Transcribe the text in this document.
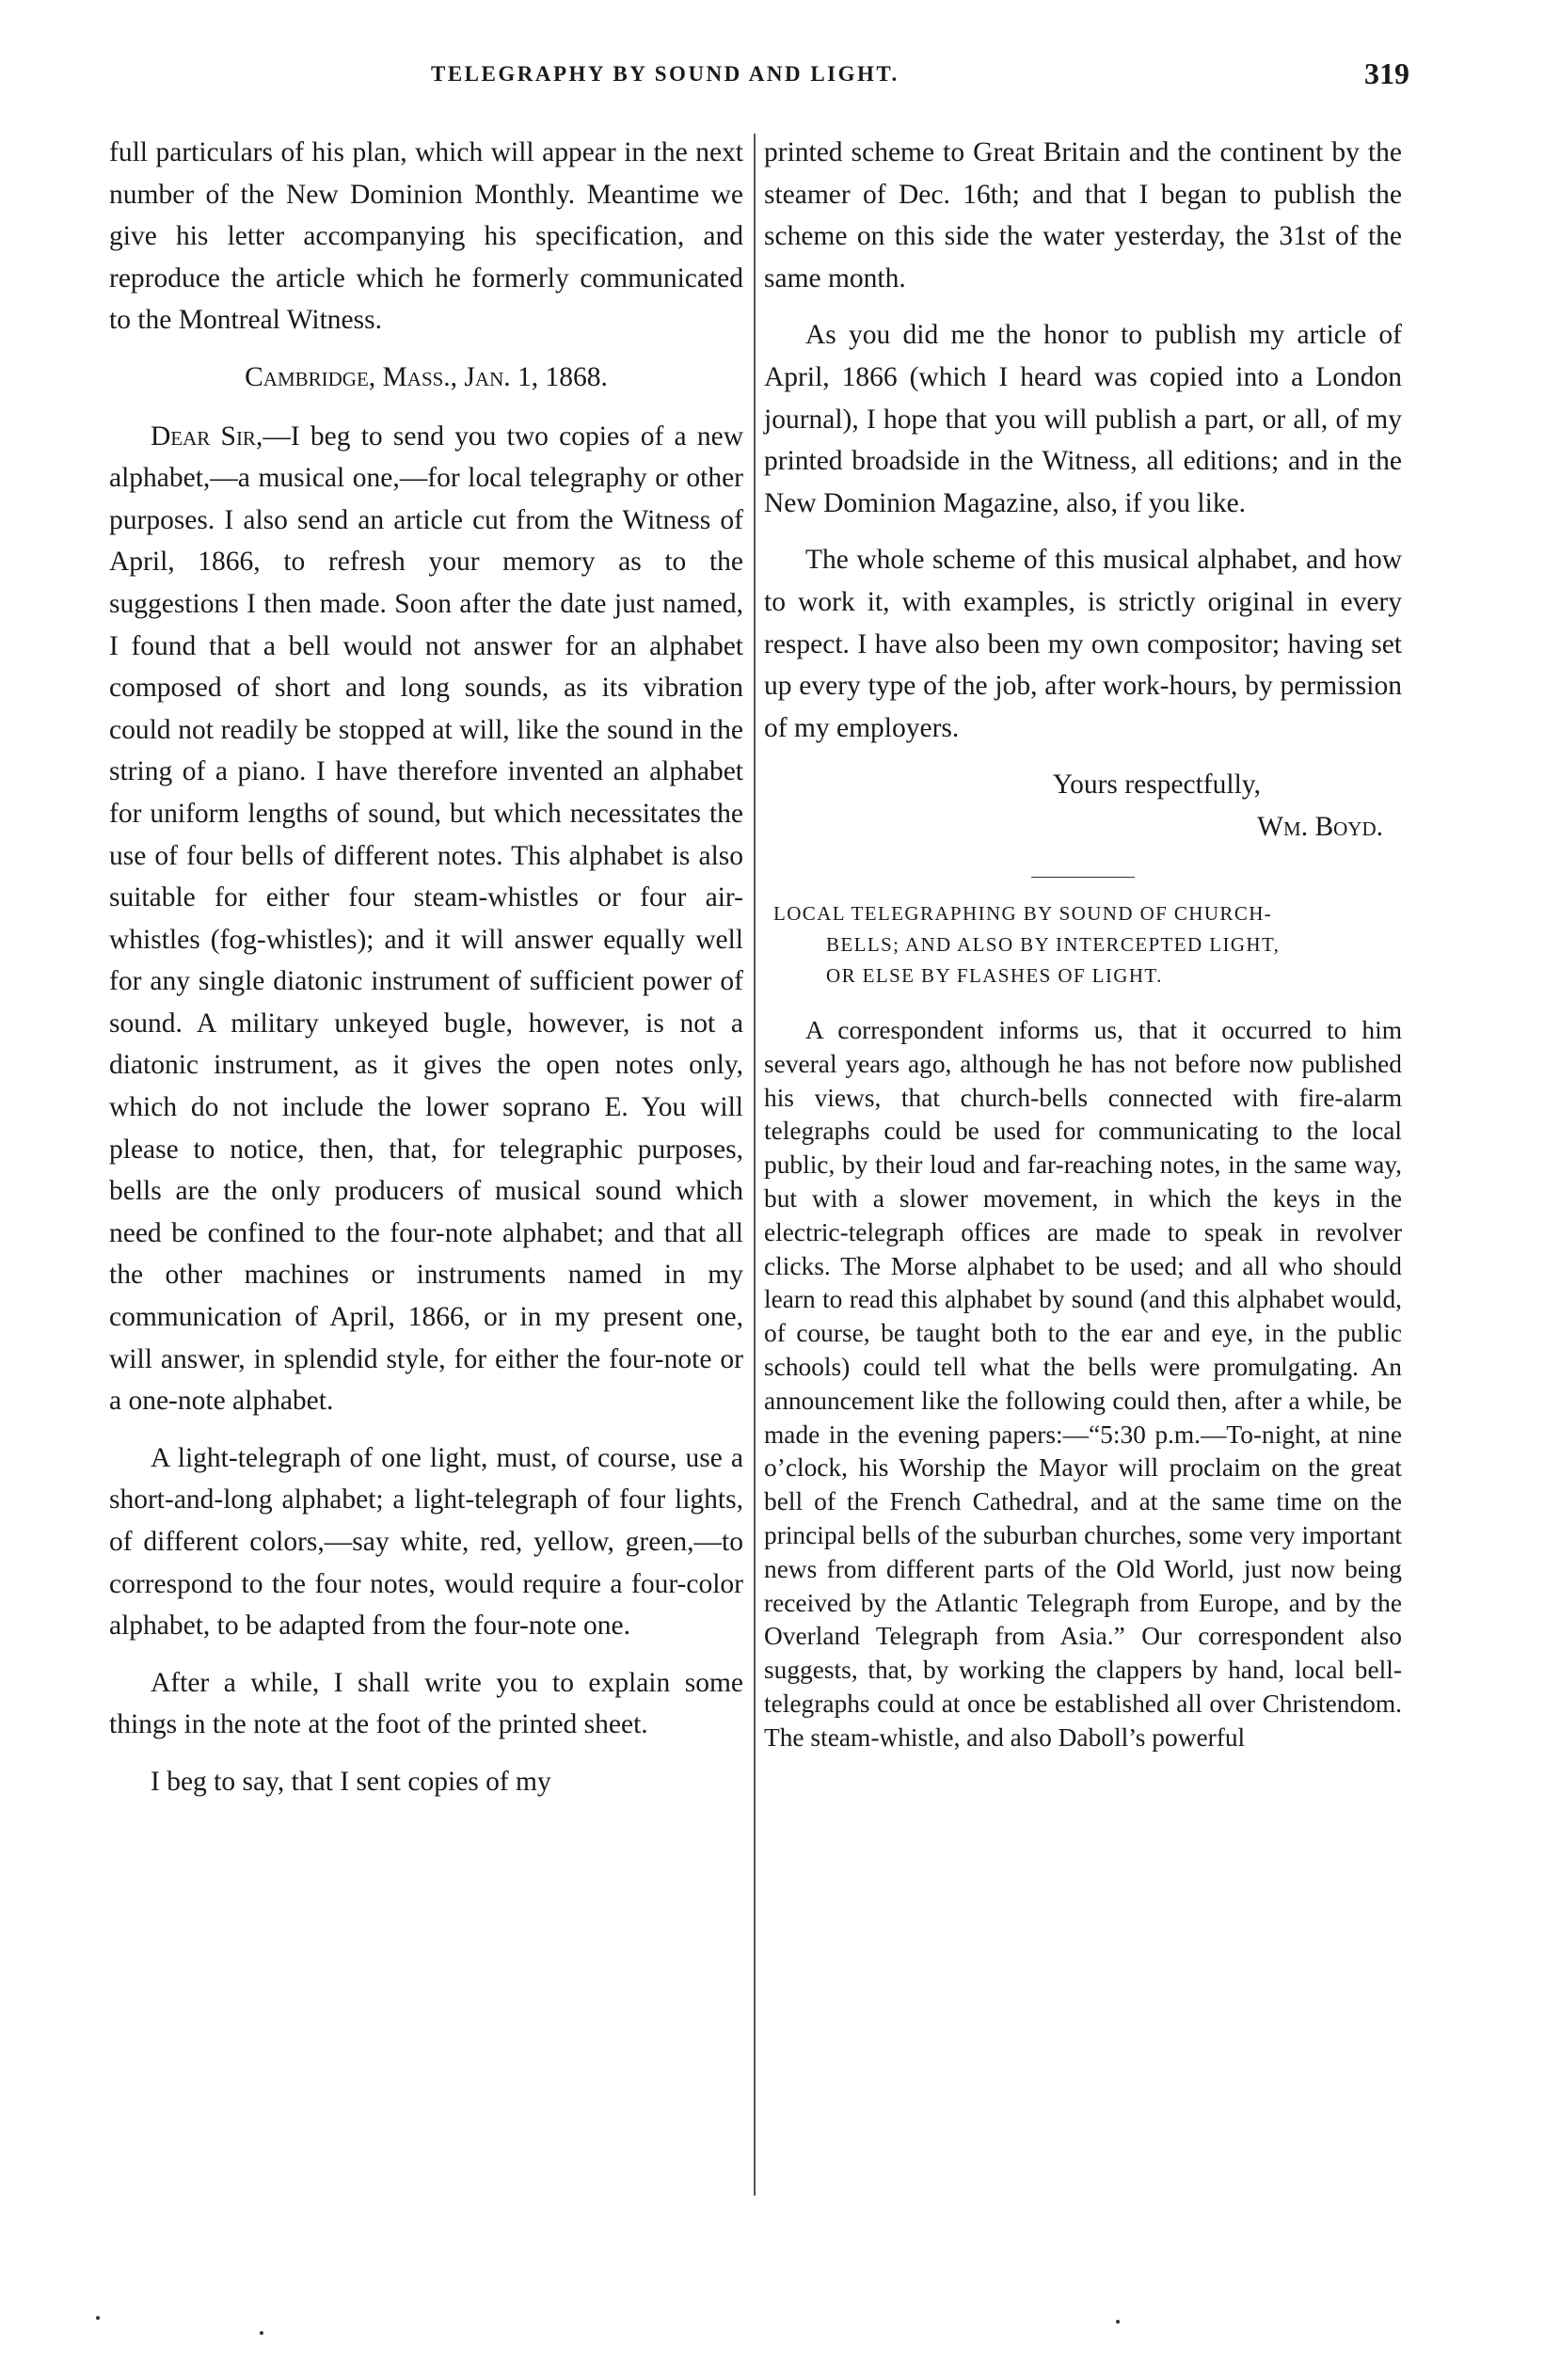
TELEGRAPHY BY SOUND AND LIGHT.	319

full particulars of his plan, which will appear in the next number of the New Dominion Monthly. Meantime we give his letter accompanying his specification, and reproduce the article which he formerly communicated to the Montreal Witness.

Cambridge, Mass., Jan. 1, 1868.

Dear Sir,—I beg to send you two copies of a new alphabet,—a musical one,—for local telegraphy or other purposes. I also send an article cut from the Witness of April, 1866, to refresh your memory as to the suggestions I then made. Soon after the date just named, I found that a bell would not answer for an alphabet composed of short and long sounds, as its vibration could not readily be stopped at will, like the sound in the string of a piano. I have therefore invented an alphabet for uniform lengths of sound, but which necessitates the use of four bells of different notes. This alphabet is also suitable for either four steam-whistles or four air-whistles (fog-whistles); and it will answer equally well for any single diatonic instrument of sufficient power of sound. A military unkeyed bugle, however, is not a diatonic instrument, as it gives the open notes only, which do not include the lower soprano E. You will please to notice, then, that, for telegraphic purposes, bells are the only producers of musical sound which need be confined to the four-note alphabet; and that all the other machines or instruments named in my communication of April, 1866, or in my present one, will answer, in splendid style, for either the four-note or a one-note alphabet.

A light-telegraph of one light, must, of course, use a short-and-long alphabet; a light-telegraph of four lights, of different colors,—say white, red, yellow, green,—to correspond to the four notes, would require a four-color alphabet, to be adapted from the four-note one.

After a while, I shall write you to explain some things in the note at the foot of the printed sheet.

I beg to say, that I sent copies of my

printed scheme to Great Britain and the continent by the steamer of Dec. 16th; and that I began to publish the scheme on this side the water yesterday, the 31st of the same month.

As you did me the honor to publish my article of April, 1866 (which I heard was copied into a London journal), I hope that you will publish a part, or all, of my printed broadside in the Witness, all editions; and in the New Dominion Magazine, also, if you like.

The whole scheme of this musical alphabet, and how to work it, with examples, is strictly original in every respect. I have also been my own compositor; having set up every type of the job, after work-hours, by permission of my employers.

Yours respectfully,

Wm. Boyd.

LOCAL TELEGRAPHING BY SOUND OF CHURCH-
BELLS; AND ALSO BY INTERCEPTED LIGHT,
OR ELSE BY FLASHES OF LIGHT.

A correspondent informs us, that it occurred to him several years ago, although he has not before now published his views, that church-bells connected with fire-alarm telegraphs could be used for communicating to the local public, by their loud and far-reaching notes, in the same way, but with a slower movement, in which the keys in the electric-telegraph offices are made to speak in revolver clicks. The Morse alphabet to be used; and all who should learn to read this alphabet by sound (and this alphabet would, of course, be taught both to the ear and eye, in the public schools) could tell what the bells were promulgating. An announcement like the following could then, after a while, be made in the evening papers:—“5:30 p.m.—To-night, at nine o’clock, his Worship the Mayor will proclaim on the great bell of the French Cathedral, and at the same time on the principal bells of the suburban churches, some very important news from different parts of the Old World, just now being received by the Atlantic Telegraph from Europe, and by the Overland Telegraph from Asia.” Our correspondent also suggests, that, by working the clappers by hand, local bell-telegraphs could at once be established all over Christendom. The steam-whistle, and also Daboll’s powerful
